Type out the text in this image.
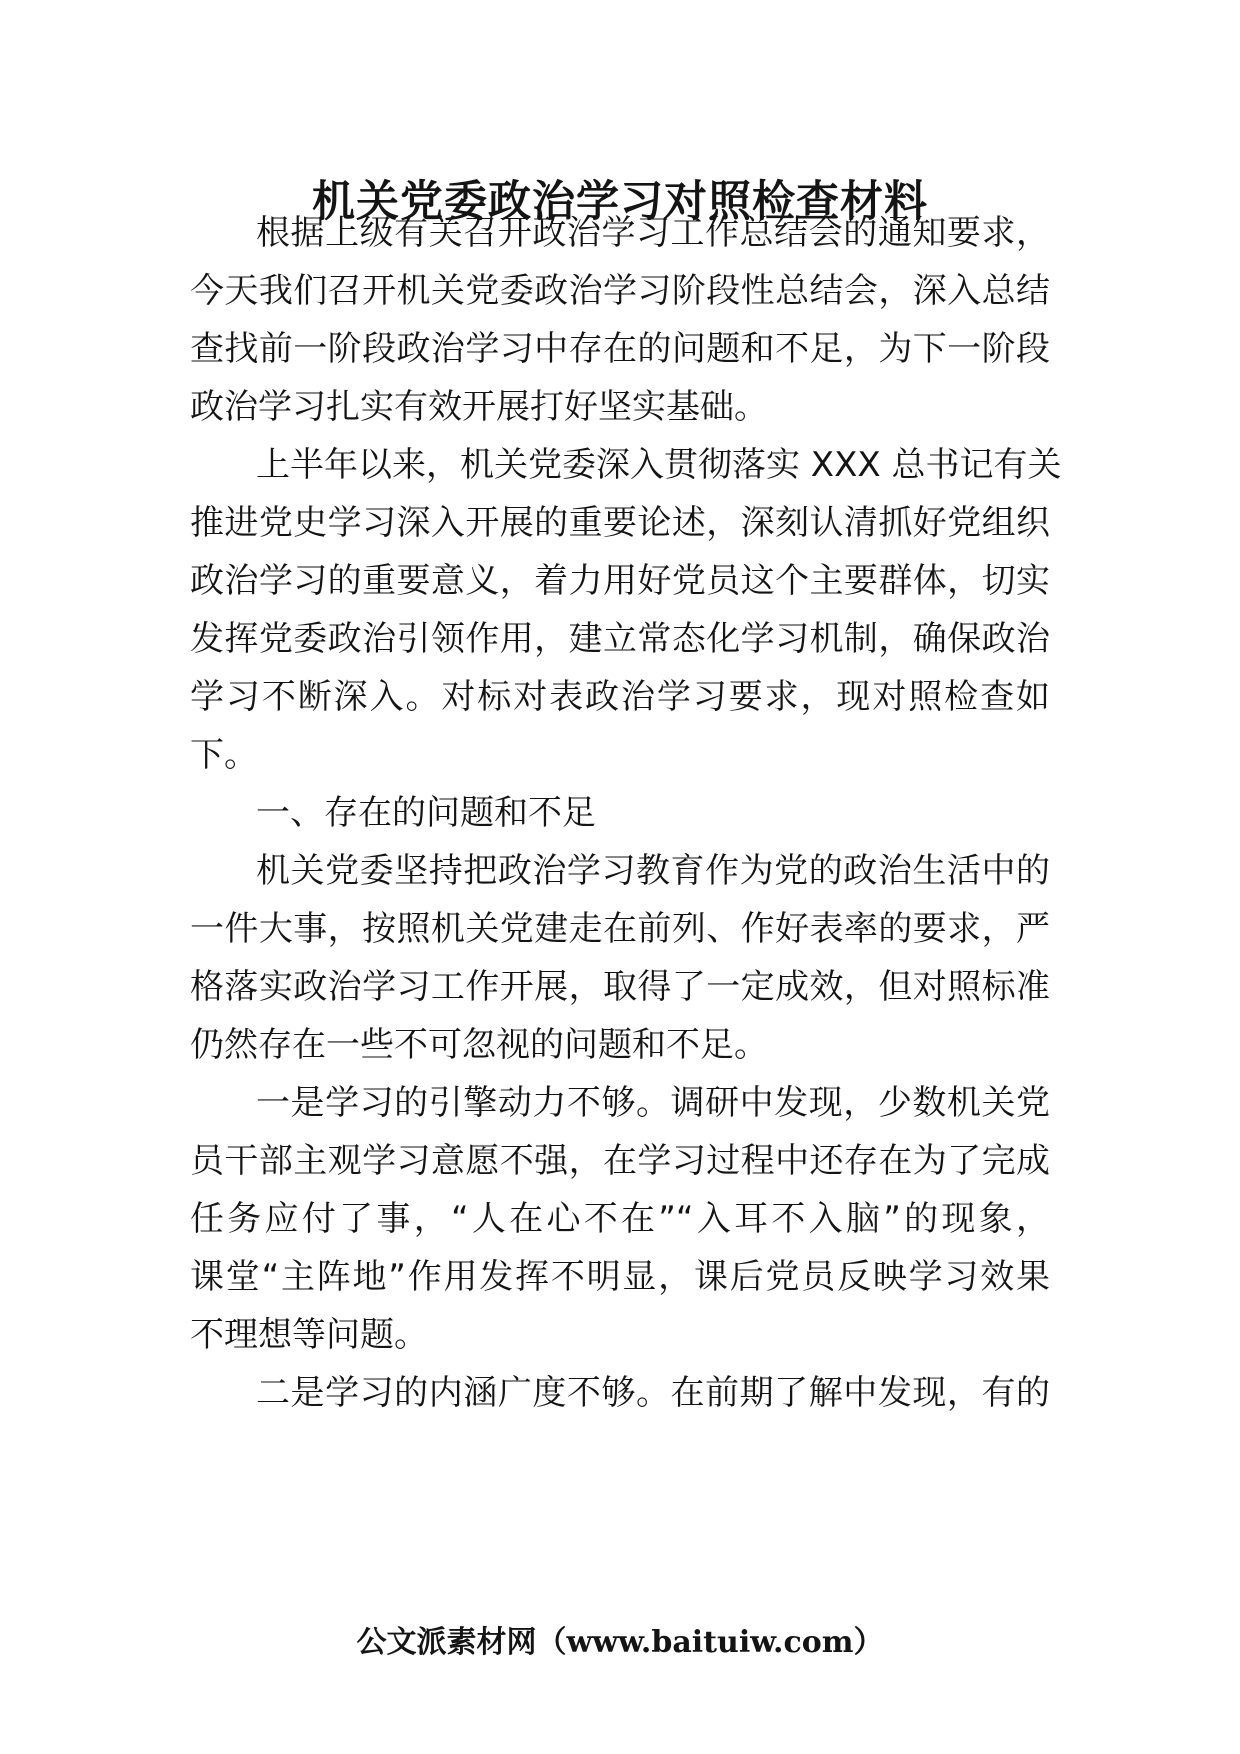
机关党委政治学习对照检查材料
根据上级有关召开政治学习工作总结会的通知要求，
今天我们召开机关党委政治学习阶段性总结会，深入总结
查找前一阶段政治学习中存在的问题和不足，为下一阶段
政治学习扎实有效开展打好坚实基础。
上半年以来，机关党委深入贯彻落实 XXX 总书记有关
推进党史学习深入开展的重要论述，深刻认清抓好党组织
政治学习的重要意义，着力用好党员这个主要群体，切实
发挥党委政治引领作用，建立常态化学习机制，确保政治
学习不断深入。对标对表政治学习要求，现对照检查如
下。
一、存在的问题和不足
机关党委坚持把政治学习教育作为党的政治生活中的
一件大事，按照机关党建走在前列、作好表率的要求，严
格落实政治学习工作开展，取得了一定成效，但对照标准
仍然存在一些不可忽视的问题和不足。
一是学习的引擎动力不够。调研中发现，少数机关党
员干部主观学习意愿不强，在学习过程中还存在为了完成
任务应付了事，“人在心不在”“入耳不入脑”的现象，
课堂“主阵地”作用发挥不明显，课后党员反映学习效果
不理想等问题。
二是学习的内涵广度不够。在前期了解中发现，有的
公文派素材网（www.baituiw.com）
